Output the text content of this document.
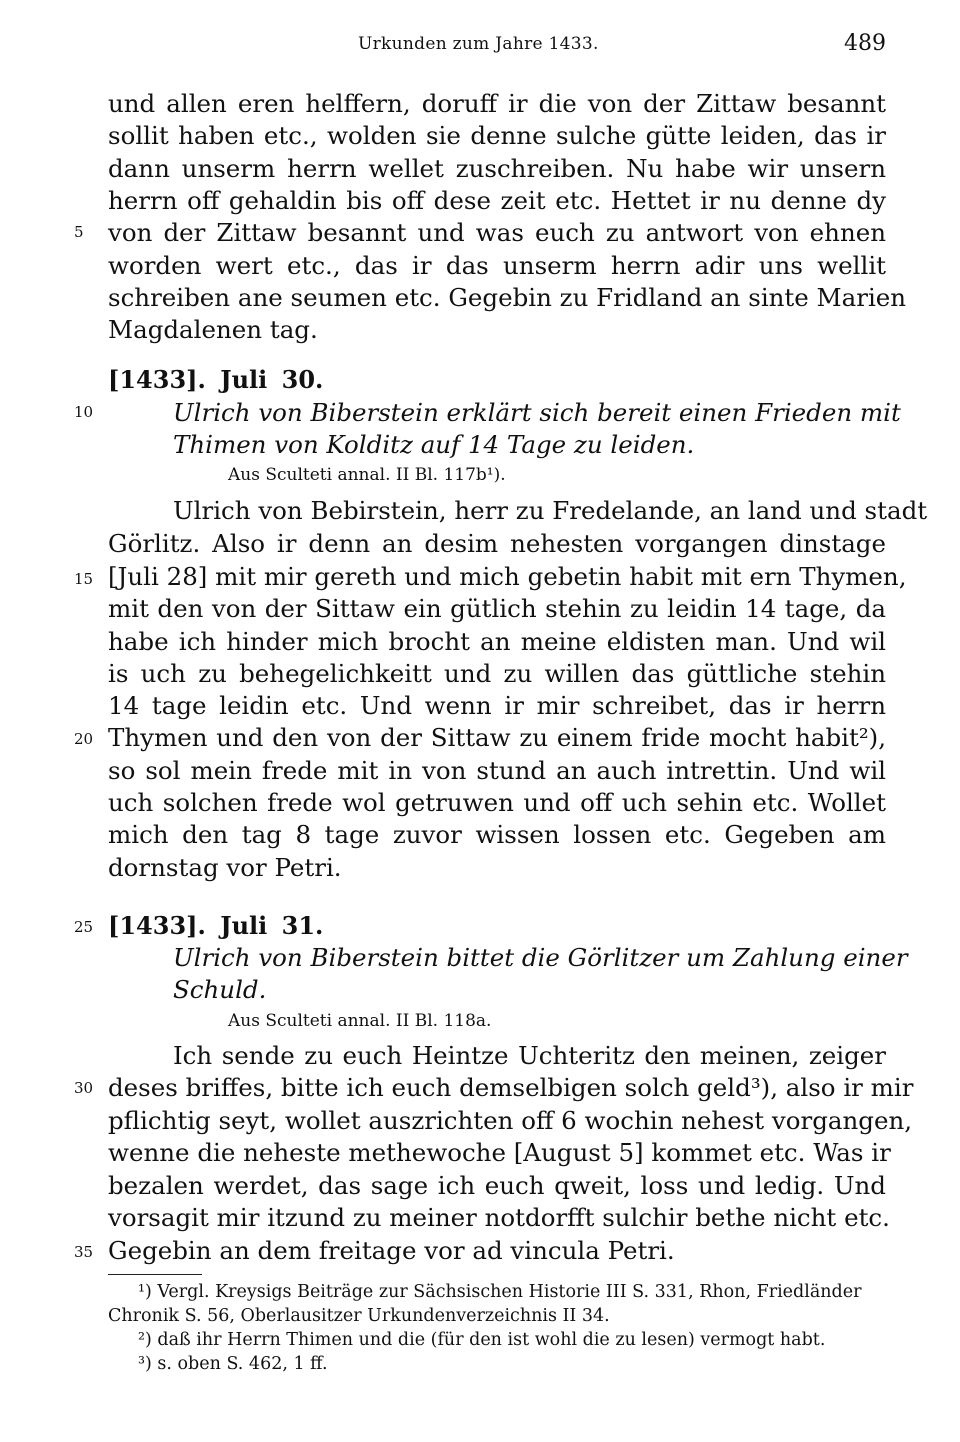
Urkunden zum Jahre 1433.	489
5
10
15
20
25
30
35
und allen eren helffern, doruff ir die von der Zittaw besannt
sollit haben etc., wolden sie denne sulche gütte leiden, das ir
dann unserm herrn wellet zuschreiben. Nu habe wir unsern
herrn off gehaldin bis off dese zeit etc. Hettet ir nu denne dy
von der Zittaw besannt und was euch zu antwort von ehnen
worden wert etc., das ir das unserm herrn adir uns wellit
schreiben ane seumen etc. Gegebin zu Fridland an sinte Marien
Magdalenen tag.
[1433]. Juli 30.
Ulrich von Biberstein erklärt sich bereit einen Frieden mit
Thimen von Kolditz auf 14 Tage zu leiden.
Aus Sculteti annal. II Bl. 117b¹).
Ulrich von Bebirstein, herr zu Fredelande, an land und stadt
Görlitz. Also ir denn an desim nehesten vorgangen dinstage
[Juli 28] mit mir gereth und mich gebetin habit mit ern Thymen,
mit den von der Sittaw ein gütlich stehin zu leidin 14 tage, da
habe ich hinder mich brocht an meine eldisten man. Und wil
is uch zu behegelichkeitt und zu willen das güttliche stehin
14 tage leidin etc. Und wenn ir mir schreibet, das ir herrn
Thymen und den von der Sittaw zu einem fride mocht habit²),
so sol mein frede mit in von stund an auch intrettin. Und wil
uch solchen frede wol getruwen und off uch sehin etc. Wollet
mich den tag 8 tage zuvor wissen lossen etc. Gegeben am
dornstag vor Petri.
[1433]. Juli 31.
Ulrich von Biberstein bittet die Görlitzer um Zahlung einer
Schuld.
Aus Sculteti annal. II Bl. 118a.
Ich sende zu euch Heintze Uchteritz den meinen, zeiger
deses briffes, bitte ich euch demselbigen solch geld³), also ir mir
pflichtig seyt, wollet auszrichten off 6 wochin nehest vorgangen,
wenne die neheste methewoche [August 5] kommet etc. Was ir
bezalen werdet, das sage ich euch qweit, loss und ledig. Und
vorsagit mir itzund zu meiner notdorfft sulchir bethe nicht etc.
Gegebin an dem freitage vor ad vincula Petri.
¹) Vergl. Kreysigs Beiträge zur Sächsischen Historie III S. 331, Rhon, Friedländer
Chronik S. 56, Oberlausitzer Urkundenverzeichnis II 34.
²) daß ihr Herrn Thimen und die (für den ist wohl die zu lesen) vermogt habt.
³) s. oben S. 462, 1 ff.
